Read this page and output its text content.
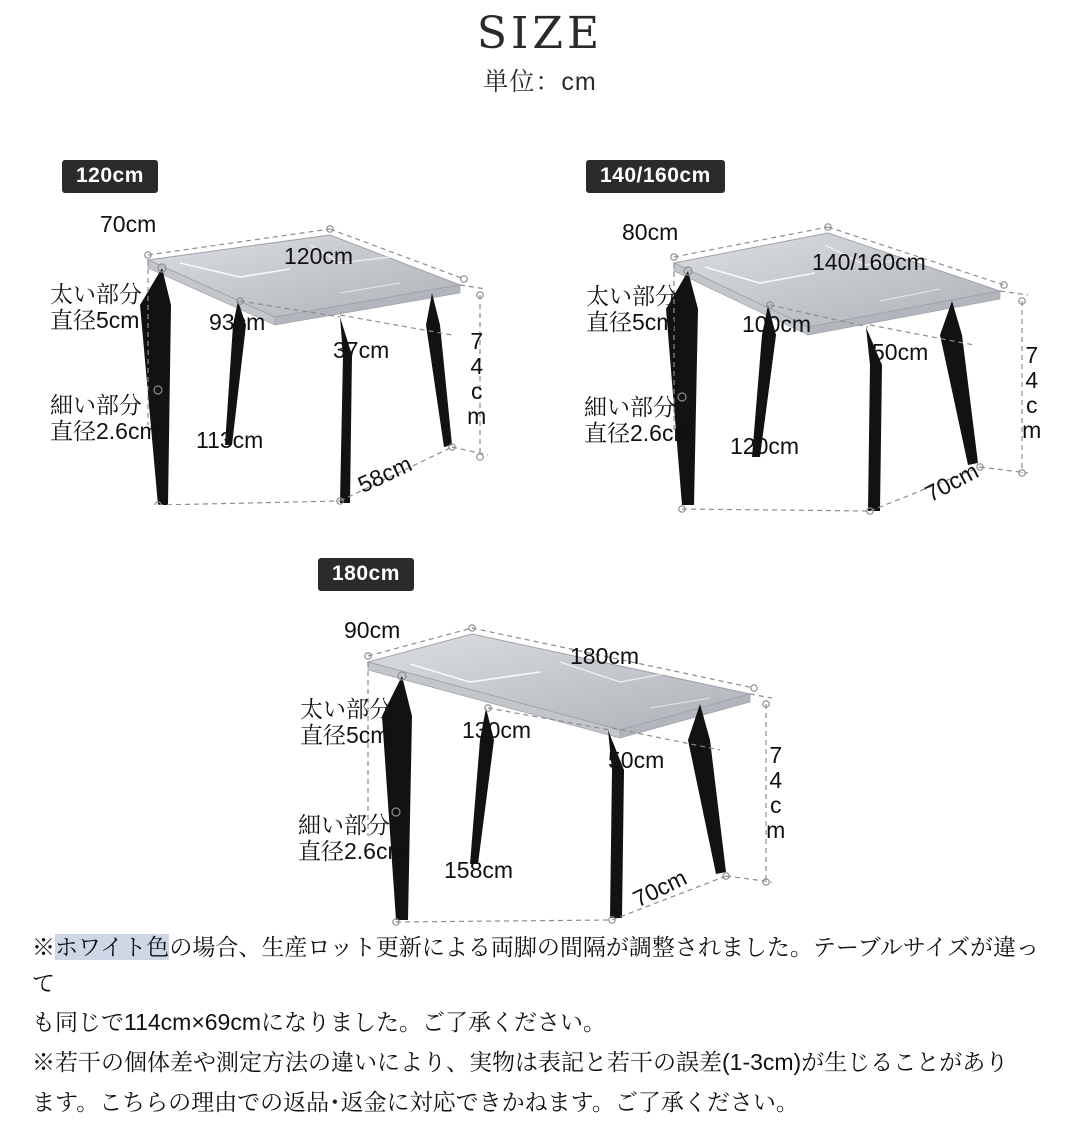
SIZE
単位：cm
120cm
70cm
120cm
太い部分
直径5cm	93cm
37cm	74cm
細い部分
直径2.6cm 113cm
58cm
140/160cm
80cm
140/160cm
太い部分
直径5cm	100cm
50cm	74cm
細い部分
直径2.6cm 120cm
70cm
180cm
90cm
180cm
太い部分
直径5cm	130cm
50cm	74cm
細い部分
直径2.6cm
158cm	70cm

※ホワイト色の場合、生産ロット更新による両脚の間隔が調整されました。テーブルサイズが違って

も同じで114cm×69cmになりました。ご了承ください。

※若干の個体差や測定方法の違いにより、実物は表記と若干の誤差(1-3cm)が生じることがあり

ます。こちらの理由での返品･返金に対応できかねます。ご了承ください。
